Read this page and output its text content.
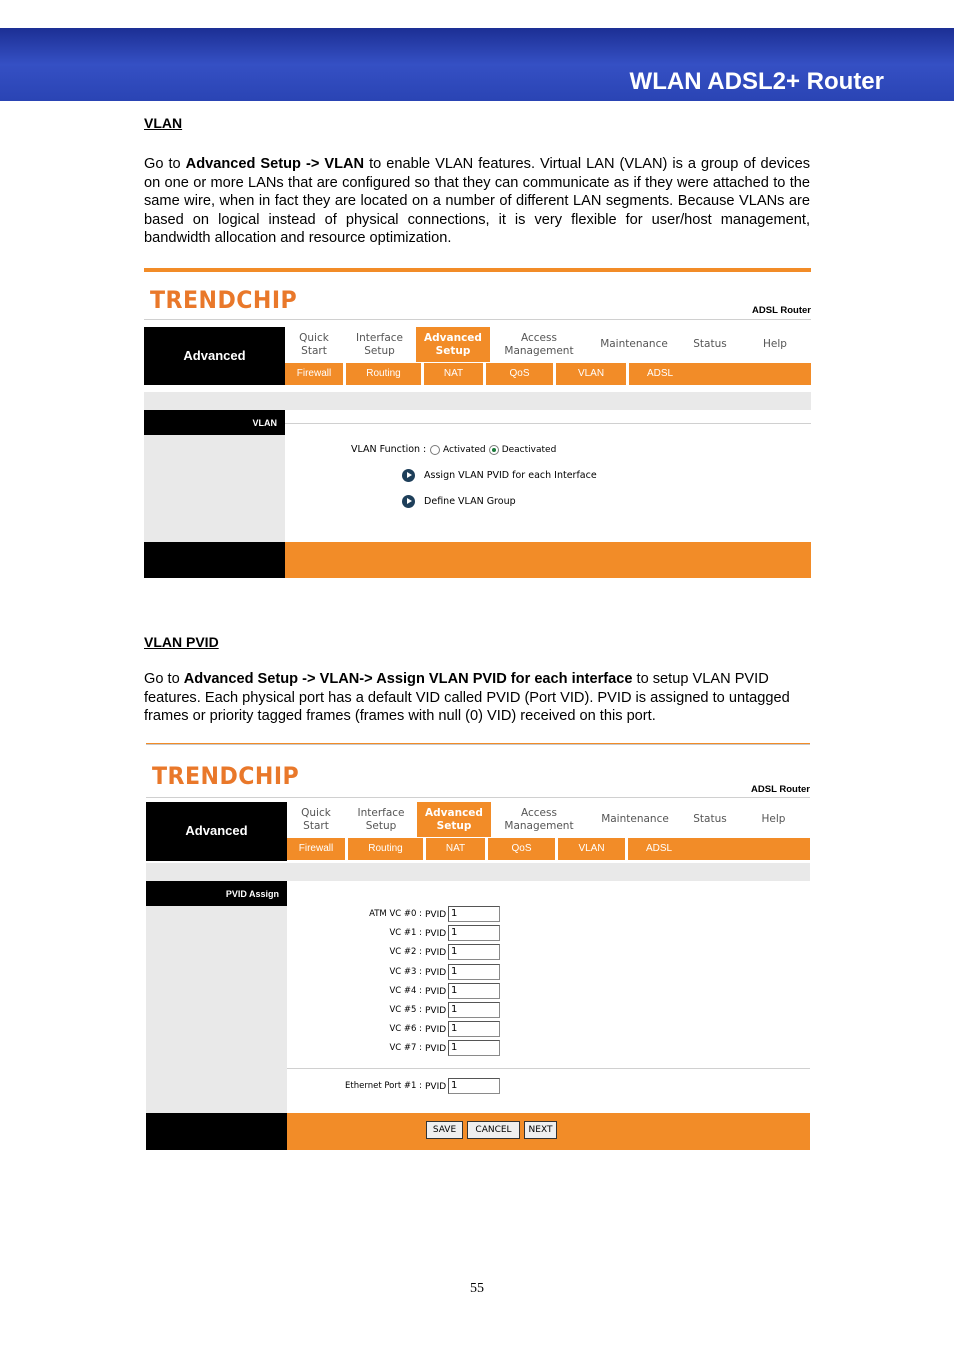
WLAN ADSL2+ Router
VLAN
Go to Advanced Setup -> VLAN to enable VLAN features. Virtual LAN (VLAN) is a group of devices on one or more LANs that are configured so that they can communicate as if they were attached to the same wire, when in fact they are located on a number of different LAN segments. Because VLANs are based on logical instead of physical connections, it is very flexible for user/host management, bandwidth allocation and resource optimization.
TRENDCHIP	ADSL Router
Advanced
Quick
Start
Interface
Setup
Advanced
Setup
Access
Management
Maintenance Status	Help
Firewall	Routing	NAT	QoS	VLAN	ADSL
VLAN
VLAN Function :	Activated Deactivated
Assign VLAN PVID for each Interface
Define VLAN Group
VLAN PVID
Go to Advanced Setup -> VLAN-> Assign VLAN PVID for each interface to setup VLAN PVID features. Each physical port has a default VID called PVID (Port VID). PVID is assigned to untagged frames or priority tagged frames (frames with null (0) VID) received on this port.
TRENDCHIP	ADSL Router
Advanced
Quick
Start
Interface
Setup
Advanced
Setup
Access
Management
Maintenance Status	Help
Firewall	Routing	NAT	QoS	VLAN	ADSL
PVID Assign
ATM VC #0 : PVID 1
VC #1 : PVID 1
VC #2 : PVID 1
VC #3 : PVID 1
VC #4 : PVID 1
VC #5 : PVID 1
VC #6 : PVID 1
VC #7 : PVID 1
Ethernet Port #1 : PVID 1
SAVE	CANCEL	NEXT
55
